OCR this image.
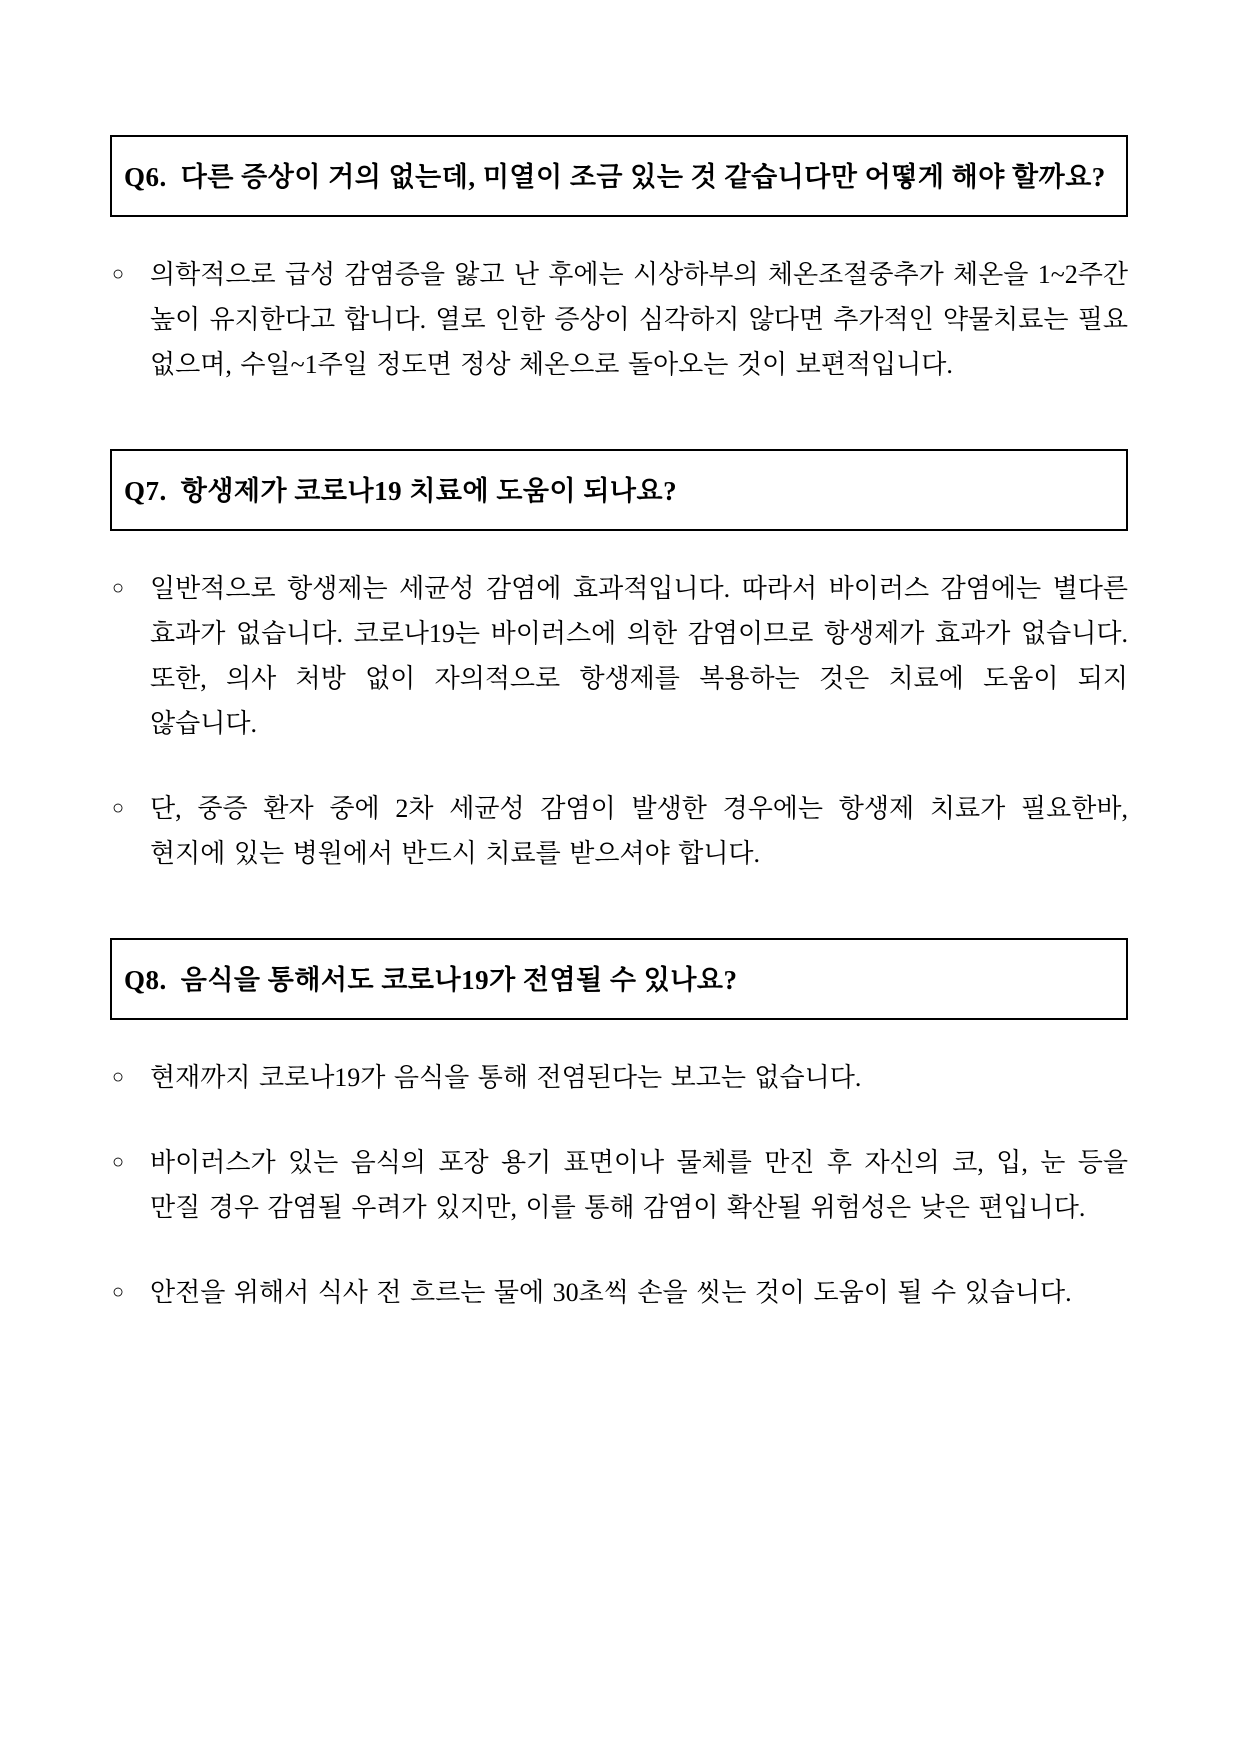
Q6. 다른 증상이 거의 없는데, 미열이 조금 있는 것 같습니다만 어떻게 해야 할까요?
○ 의학적으로 급성 감염증을 앓고 난 후에는 시상하부의 체온조절중추가 체온을 1~2주간 높이 유지한다고 합니다. 열로 인한 증상이 심각하지 않다면 추가적인 약물치료는 필요 없으며, 수일~1주일 정도면 정상 체온으로 돌아오는 것이 보편적입니다.

Q7. 항생제가 코로나19 치료에 도움이 되나요?
○ 일반적으로 항생제는 세균성 감염에 효과적입니다. 따라서 바이러스 감염에는 별다른 효과가 없습니다. 코로나19는 바이러스에 의한 감염이므로 항생제가 효과가 없습니다. 또한, 의사 처방 없이 자의적으로 항생제를 복용하는 것은 치료에 도움이 되지 않습니다.

○ 단, 중증 환자 중에 2차 세균성 감염이 발생한 경우에는 항생제 치료가 필요한바, 현지에 있는 병원에서 반드시 치료를 받으셔야 합니다.

Q8. 음식을 통해서도 코로나19가 전염될 수 있나요?
○ 현재까지 코로나19가 음식을 통해 전염된다는 보고는 없습니다.

○ 바이러스가 있는 음식의 포장 용기 표면이나 물체를 만진 후 자신의 코, 입, 눈 등을 만질 경우 감염될 우려가 있지만, 이를 통해 감염이 확산될 위험성은 낮은 편입니다.

○ 안전을 위해서 식사 전 흐르는 물에 30초씩 손을 씻는 것이 도움이 될 수 있습니다.
